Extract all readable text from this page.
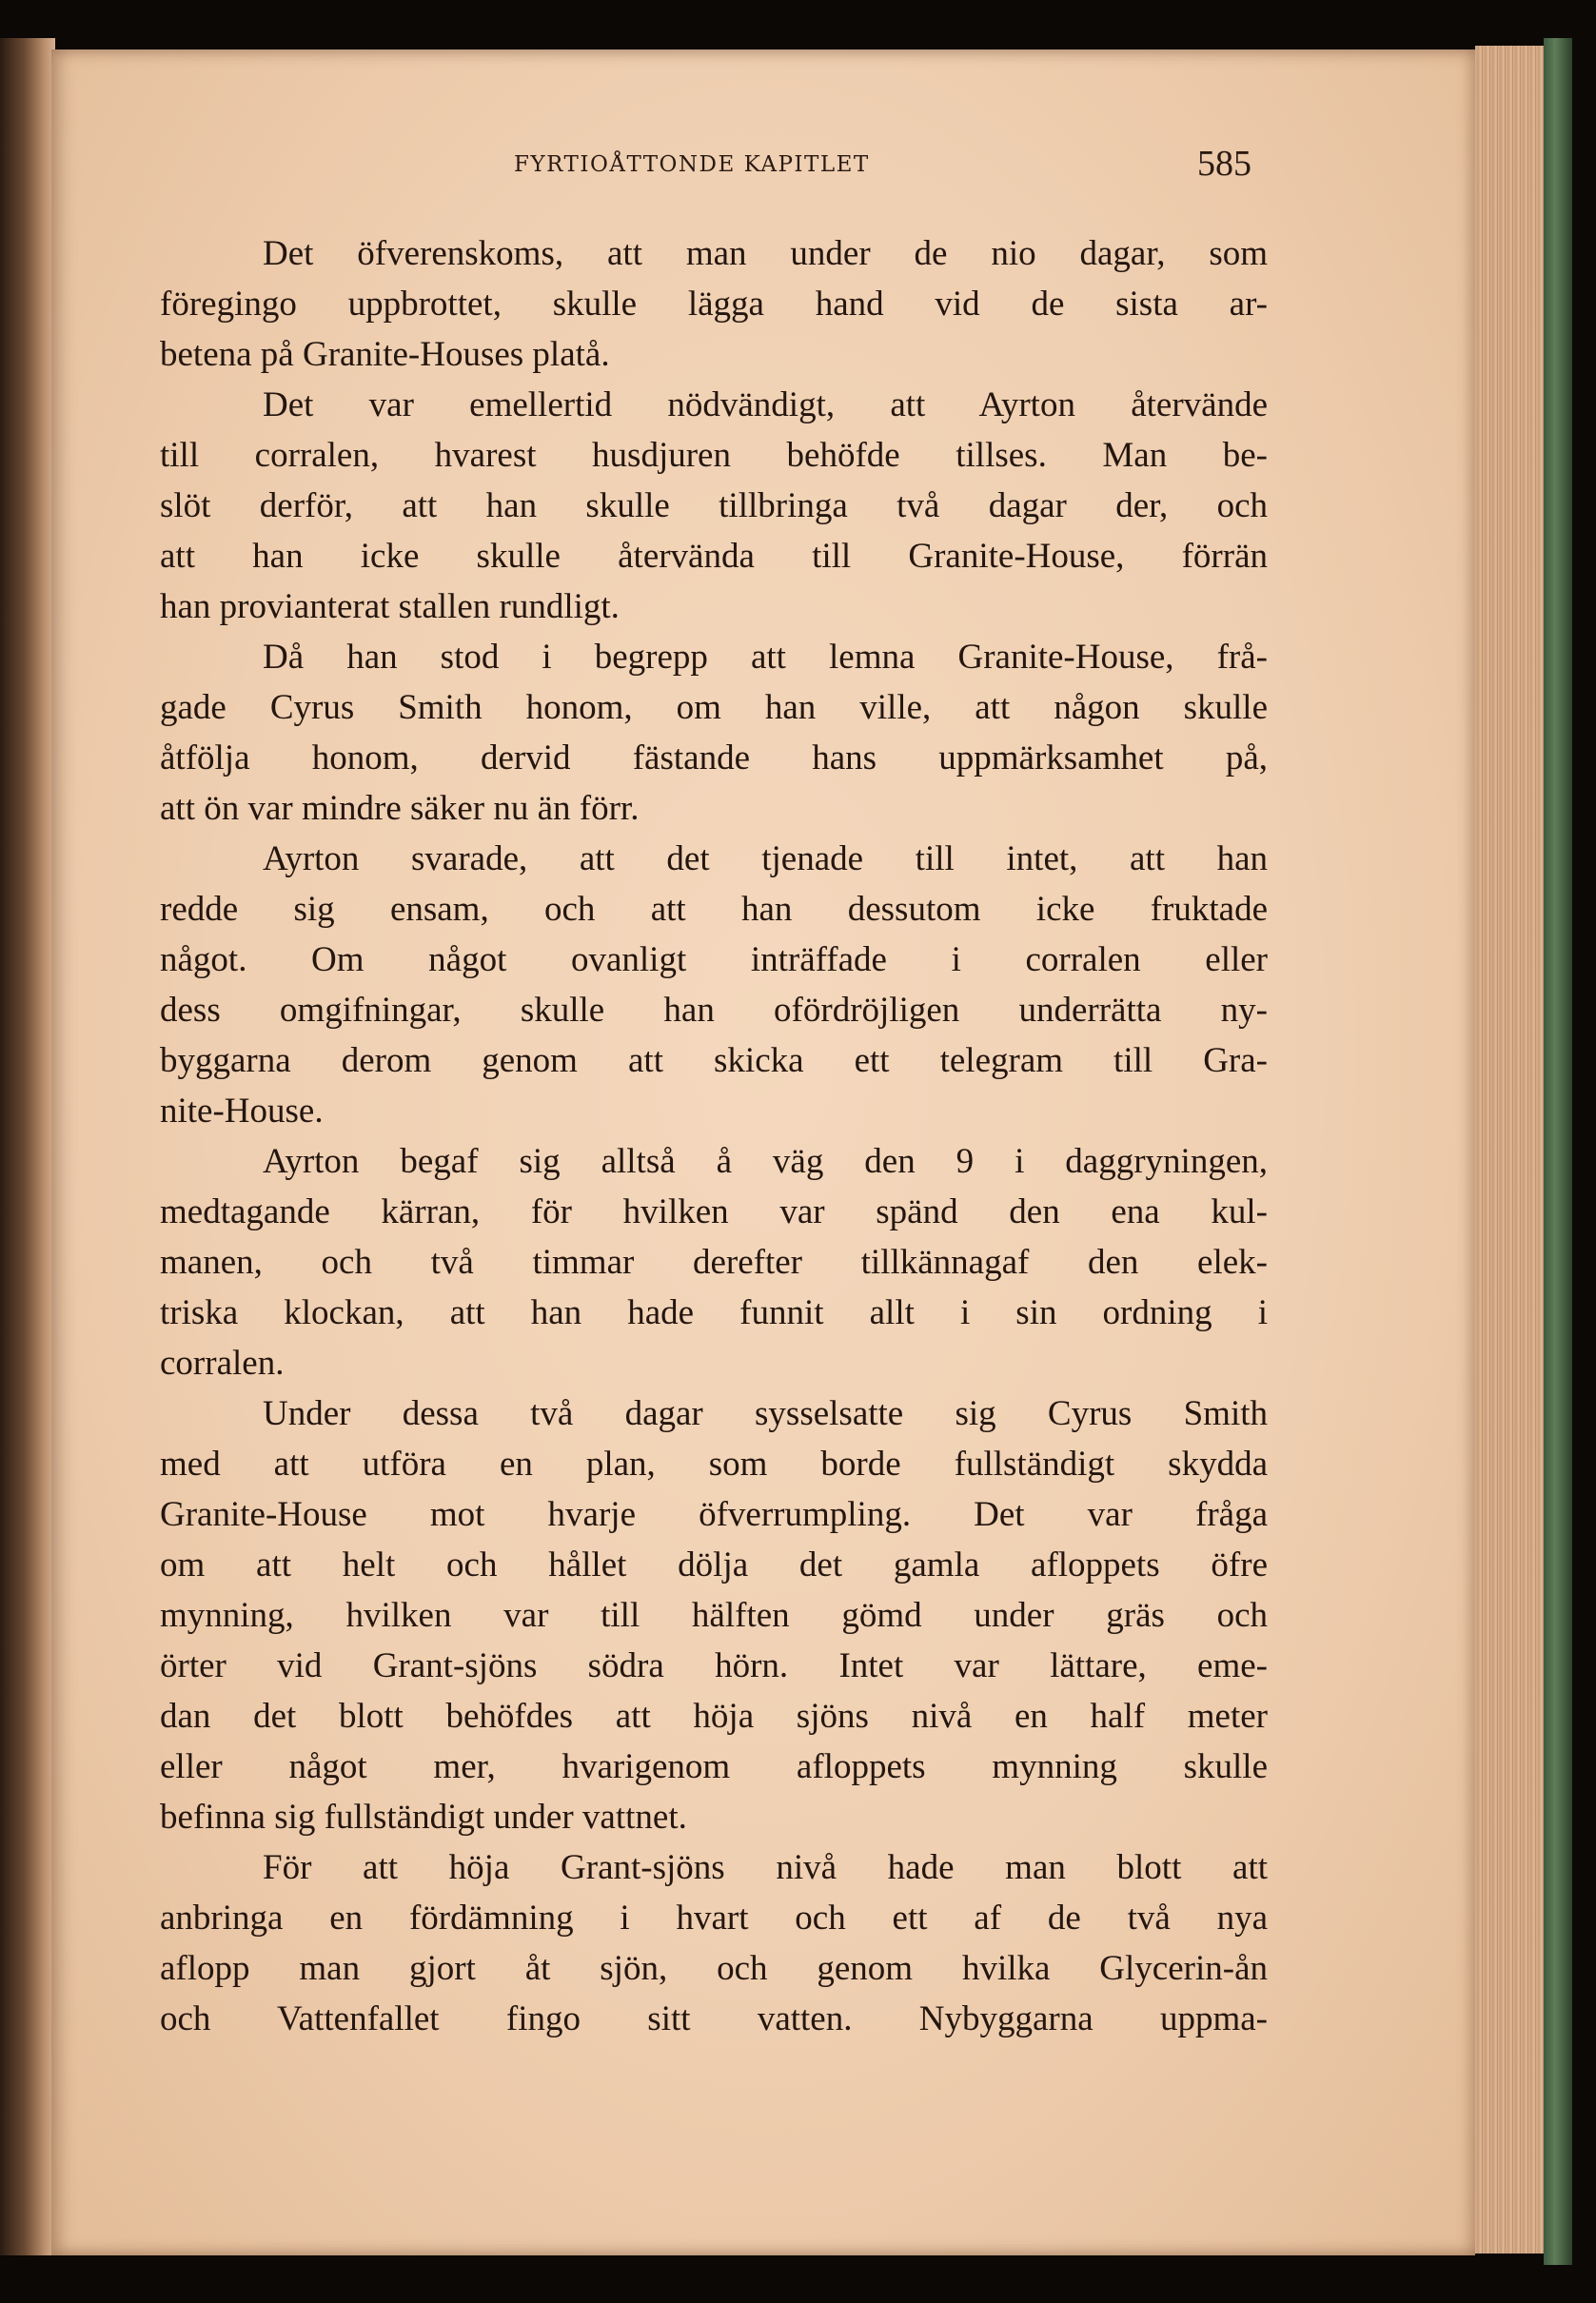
FYRTIOÅTTONDE KAPITLET	585
Det öfverenskoms, att man under de nio dagar, som
föregingo uppbrottet, skulle lägga hand vid de sista ar-
betena på Granite-Houses platå.
Det var emellertid nödvändigt, att Ayrton återvände
till corralen, hvarest husdjuren behöfde tillses. Man be-
slöt derför, att han skulle tillbringa två dagar der, och
att han icke skulle återvända till Granite-House, förrän
han provianterat stallen rundligt.
Då han stod i begrepp att lemna Granite-House, frå-
gade Cyrus Smith honom, om han ville, att någon skulle
åtfölja honom, dervid fästande hans uppmärksamhet på,
att ön var mindre säker nu än förr.
Ayrton svarade, att det tjenade till intet, att han
redde sig ensam, och att han dessutom icke fruktade
något. Om något ovanligt inträffade i corralen eller
dess omgifningar, skulle han ofördröjligen underrätta ny-
byggarna derom genom att skicka ett telegram till Gra-
nite-House.
Ayrton begaf sig alltså å väg den 9 i daggryningen,
medtagande kärran, för hvilken var spänd den ena kul-
manen, och två timmar derefter tillkännagaf den elek-
triska klockan, att han hade funnit allt i sin ordning i
corralen.
Under dessa två dagar sysselsatte sig Cyrus Smith
med att utföra en plan, som borde fullständigt skydda
Granite-House mot hvarje öfverrumpling. Det var fråga
om att helt och hållet dölja det gamla afloppets öfre
mynning, hvilken var till hälften gömd under gräs och
örter vid Grant-sjöns södra hörn. Intet var lättare, eme-
dan det blott behöfdes att höja sjöns nivå en half meter
eller något mer, hvarigenom afloppets mynning skulle
befinna sig fullständigt under vattnet.
För att höja Grant-sjöns nivå hade man blott att
anbringa en fördämning i hvart och ett af de två nya
aflopp man gjort åt sjön, och genom hvilka Glycerin-ån
och Vattenfallet fingo sitt vatten. Nybyggarna uppma-
